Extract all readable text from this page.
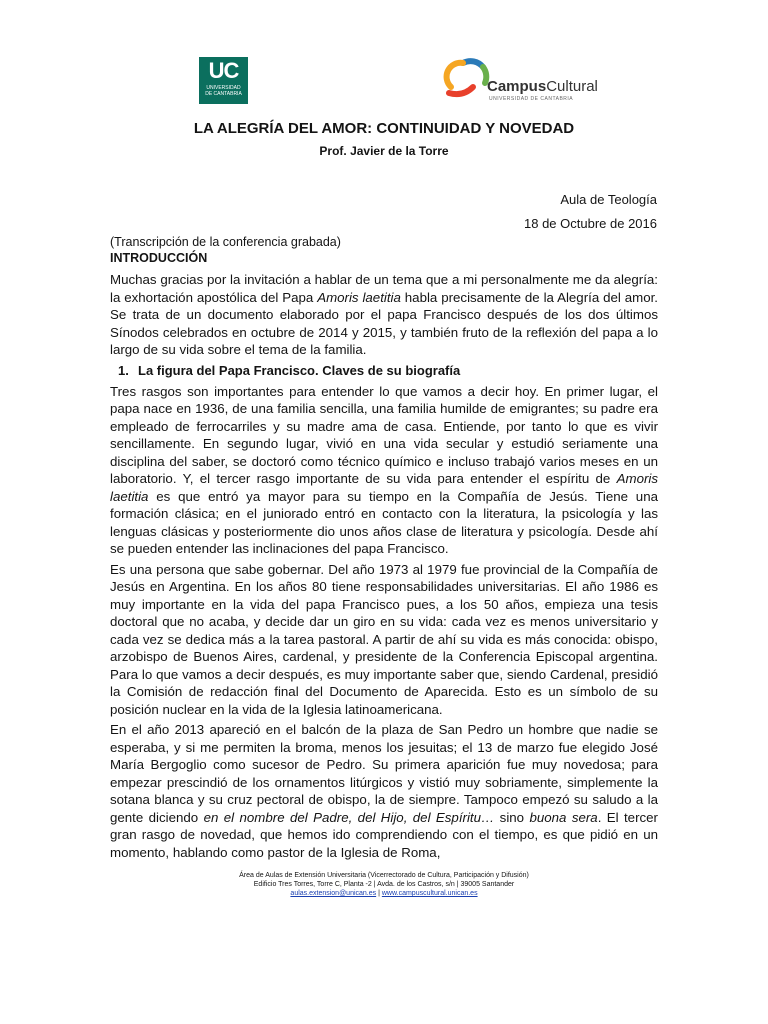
UC
UNIVERSIDAD
DE CANTABRIA	CampusCultural
UNIVERSIDAD DE CANTABRIA
LA ALEGRÍA DEL AMOR: CONTINUIDAD Y NOVEDAD
Prof. Javier de la Torre
Aula de Teología
18 de Octubre de 2016
(Transcripción de la conferencia grabada)
INTRODUCCIÓN

Muchas gracias por la invitación a hablar de un tema que a mi personalmente me da alegría: la exhortación apostólica del Papa Amoris laetitia habla precisamente de la Alegría del amor. Se trata de un documento elaborado por el papa Francisco después de los dos últimos Sínodos celebrados en octubre de 2014 y 2015, y también fruto de la reflexión del papa a lo largo de su vida sobre el tema de la familia.

1. La figura del Papa Francisco. Claves de su biografía

Tres rasgos son importantes para entender lo que vamos a decir hoy. En primer lugar, el papa nace en 1936, de una familia sencilla, una familia humilde de emigrantes; su padre era empleado de ferrocarriles y su madre ama de casa. Entiende, por tanto lo que es vivir sencillamente. En segundo lugar, vivió en una vida secular y estudió seriamente una disciplina del saber, se doctoró como técnico químico e incluso trabajó varios meses en un laboratorio. Y, el tercer rasgo importante de su vida para entender el espíritu de Amoris laetitia es que entró ya mayor para su tiempo en la Compañía de Jesús. Tiene una formación clásica; en el juniorado entró en contacto con la literatura, la psicología y las lenguas clásicas y posteriormente dio unos años clase de literatura y psicología. Desde ahí se pueden entender las inclinaciones del papa Francisco.

Es una persona que sabe gobernar. Del año 1973 al 1979 fue provincial de la Compañía de Jesús en Argentina. En los años 80 tiene responsabilidades universitarias. El año 1986 es muy importante en la vida del papa Francisco pues, a los 50 años, empieza una tesis doctoral que no acaba, y decide dar un giro en su vida: cada vez es menos universitario y cada vez se dedica más a la tarea pastoral. A partir de ahí su vida es más conocida: obispo, arzobispo de Buenos Aires, cardenal, y presidente de la Conferencia Episcopal argentina. Para lo que vamos a decir después, es muy importante saber que, siendo Cardenal, presidió la Comisión de redacción final del Documento de Aparecida. Esto es un símbolo de su posición nuclear en la vida de la Iglesia latinoamericana.

En el año 2013 apareció en el balcón de la plaza de San Pedro un hombre que nadie se esperaba, y si me permiten la broma, menos los jesuitas; el 13 de marzo fue elegido José María Bergoglio como sucesor de Pedro. Su primera aparición fue muy novedosa; para empezar prescindió de los ornamentos litúrgicos y vistió muy sobriamente, simplemente la sotana blanca y su cruz pectoral de obispo, la de siempre. Tampoco empezó su saludo a la gente diciendo en el nombre del Padre, del Hijo, del Espíritu… sino buona sera. El tercer gran rasgo de novedad, que hemos ido comprendiendo con el tiempo, es que pidió en un momento, hablando como pastor de la Iglesia de Roma,

Área de Aulas de Extensión Universitaria (Vicerrectorado de Cultura, Participación y Difusión)
Edificio Tres Torres, Torre C, Planta -2 | Avda. de los Castros, s/n | 39005 Santander
aulas.extension@unican.es | www.campuscultural.unican.es
